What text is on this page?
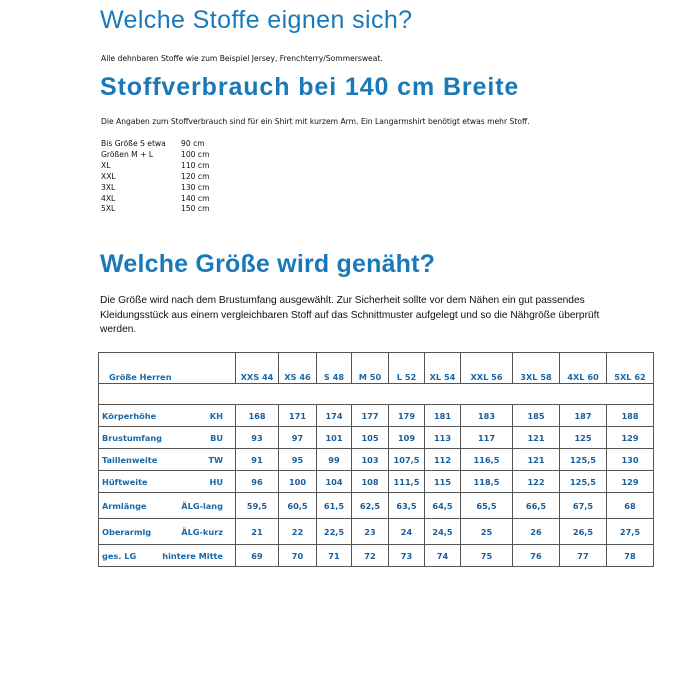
Welche Stoffe eignen sich?
Alle dehnbaren Stoffe wie zum Beispiel Jersey, Frenchterry/Sommersweat.
Stoffverbrauch bei 140 cm Breite
Die Angaben zum Stoffverbrauch sind für ein Shirt mit kurzem Arm. Ein Langarmshirt benötigt etwas mehr Stoff.
Bis Größe S etwa	90 cm
Größen M + L	100 cm
XL	110 cm
XXL	120 cm
3XL	130 cm
4XL	140 cm
5XL	150 cm
Welche Größe wird genäht?
Die Größe wird nach dem Brustumfang ausgewählt. Zur Sicherheit sollte vor dem Nähen ein gut passendes Kleidungsstück aus einem vergleichbaren Stoff auf das Schnittmuster aufgelegt und so die Nähgröße überprüft werden.
Größe Herren	XXS 44	XS 46	S 48	M 50	L 52	XL 54	XXL 56	3XL 58	4XL 60	5XL 62

Körperhöhe KH	168	171	174	177	179	181	183	185	187	188

Brustumfang BU	93	97	101	105	109	113	117	121	125	129

Taillenweite TW	91	95	99	103	107,5	112	116,5	121	125,5	130

Hüftweite HU	96	100	104	108	111,5	115	118,5	122	125,5	129

Armlänge ÄLG-lang	59,5	60,5	61,5	62,5	63,5	64,5	65,5	66,5	67,5	68

Oberarmlg ÄLG-kurz	21	22	22,5	23	24	24,5	25	26	26,5	27,5

ges. LG hintere Mitte	69	70	71	72	73	74	75	76	77	78
